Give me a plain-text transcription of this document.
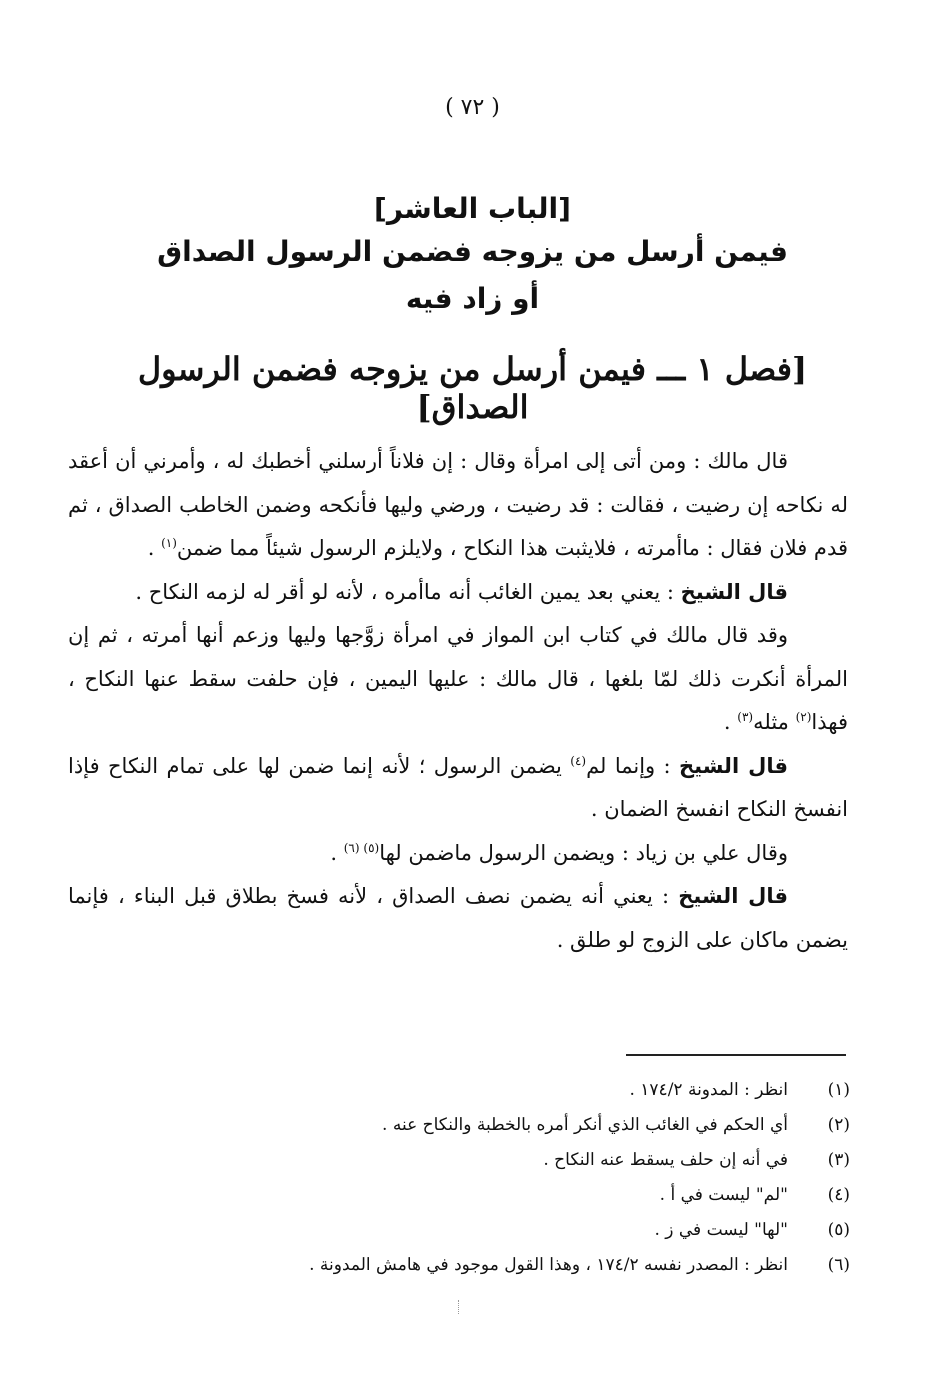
( ٧٢ )
[الباب العاشر]
فيمن أرسل من يزوجه فضمن الرسول الصداق
أو زاد فيه
[فصل ١ ـــ فيمن أرسل من يزوجه فضمن الرسول الصداق]

قال مالك : ومن أتى إلى امرأة وقال : إن فلاناً أرسلني أخطبك له ، وأمرني أن أعقد له نكاحه إن رضيت ، فقالت : قد رضيت ، ورضي وليها فأنكحه وضمن الخاطب الصداق ، ثم قدم فلان فقال : ماأمرته ، فلايثبت هذا النكاح ، ولايلزم الرسول شيئاً مما ضمن$^{(١)}$ .

قال الشيخ : يعني بعد يمين الغائب أنه ماأمره ، لأنه لو أقر له لزمه النكاح .

وقد قال مالك في كتاب ابن المواز في امرأة زوَّجها وليها وزعم أنها أمرته ، ثم إن المرأة أنكرت ذلك لمّا بلغها ، قال مالك : عليها اليمين ، فإن حلفت سقط عنها النكاح ، فهذا$^{(٢)}$ مثله$^{(٣)}$ .

قال الشيخ : وإنما لم$^{(٤)}$ يضمن الرسول ؛ لأنه إنما ضمن لها على تمام النكاح فإذا انفسخ النكاح انفسخ الضمان .

وقال علي بن زياد : ويضمن الرسول ماضمن لها$^{(٥)}$ $^{(٦)}$ .

قال الشيخ : يعني أنه يضمن نصف الصداق ، لأنه فسخ بطلاق قبل البناء ، فإنما يضمن ماكان على الزوج لو طلق .

(١)
انظر : المدونة ١٧٤/٢ .
(٢)
أي الحكم في الغائب الذي أنكر أمره بالخطبة والنكاح عنه .
(٣)
في أنه إن حلف يسقط عنه النكاح .
(٤)
"لم" ليست في أ .
(٥)
"لها" ليست في ز .
(٦)
انظر : المصدر نفسه ١٧٤/٢ ، وهذا القول موجود في هامش المدونة .
